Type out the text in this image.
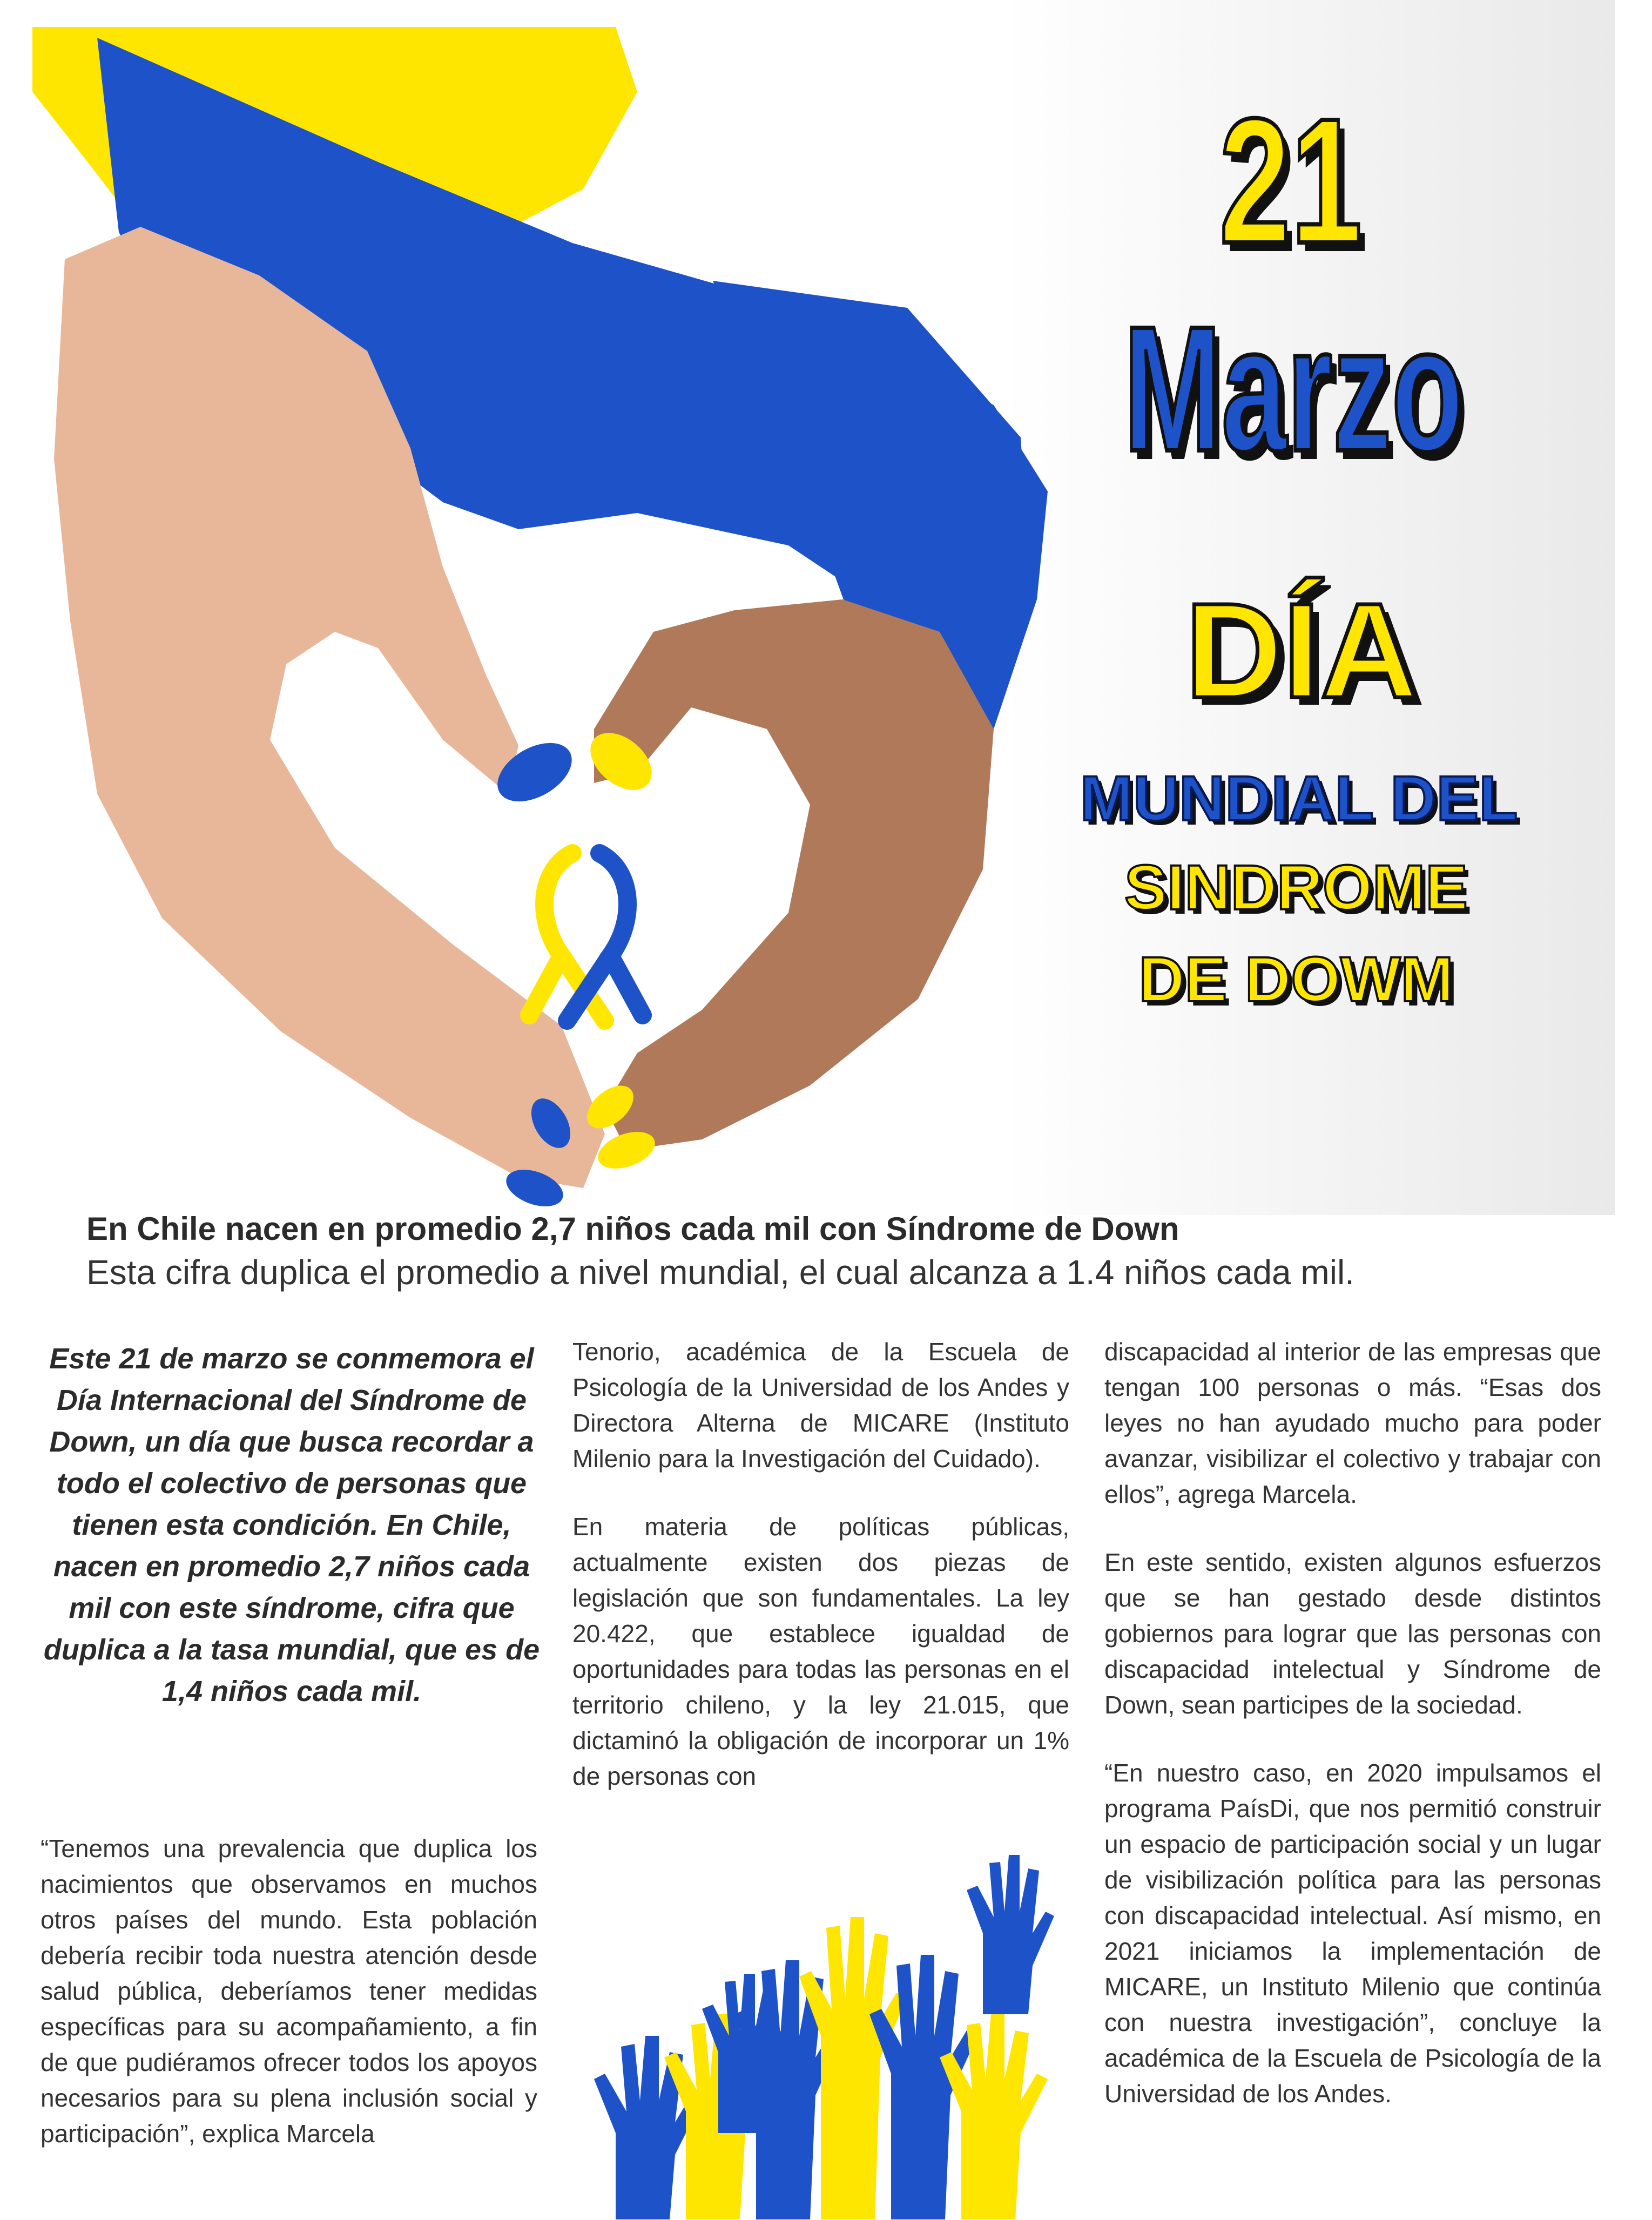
21
Marzo
DÍA
MUNDIAL DEL
SINDROME
DE DOWM
En Chile nacen en promedio 2,7 niños cada mil con Síndrome de Down
Esta cifra duplica el promedio a nivel mundial, el cual alcanza a 1.4 niños cada mil.
Este 21 de marzo se conmemora el Día Internacional del Síndrome de Down, un día que busca recordar a todo el colectivo de personas que tienen esta condición. En Chile, nacen en promedio 2,7 niños cada mil con este síndrome, cifra que duplica a la tasa mundial, que es de 1,4 niños cada mil.

“Tenemos una prevalencia que duplica los nacimientos que observamos en muchos otros países del mundo. Esta población debería recibir toda nuestra atención desde salud pública, deberíamos tener medidas específicas para su acompañamiento, a fin de que pudiéramos ofrecer todos los apoyos necesarios para su plena inclusión social y participación”, explica Marcela

Tenorio, académica de la Escuela de Psicología de la Universidad de los Andes y Directora Alterna de MICARE (Instituto Milenio para la Investigación del Cuidado).

En materia de políticas públicas, actualmente existen dos piezas de legislación que son fundamentales. La ley 20.422, que establece igualdad de oportunidades para todas las personas en el territorio chileno, y la ley 21.015, que dictaminó la obligación de incorporar un 1% de personas con

discapacidad al interior de las empresas que tengan 100 personas o más. “Esas dos leyes no han ayudado mucho para poder avanzar, visibilizar el colectivo y trabajar con ellos”, agrega Marcela.

En este sentido, existen algunos esfuerzos que se han gestado desde distintos gobiernos para lograr que las personas con discapacidad intelectual y Síndrome de Down, sean participes de la sociedad.

“En nuestro caso, en 2020 impulsamos el programa PaísDi, que nos permitió construir un espacio de participación social y un lugar de visibilización política para las personas con discapacidad intelectual. Así mismo, en 2021 iniciamos la implementación de MICARE, un Instituto Milenio que continúa con nuestra investigación”, concluye la académica de la Escuela de Psicología de la Universidad de los Andes.
